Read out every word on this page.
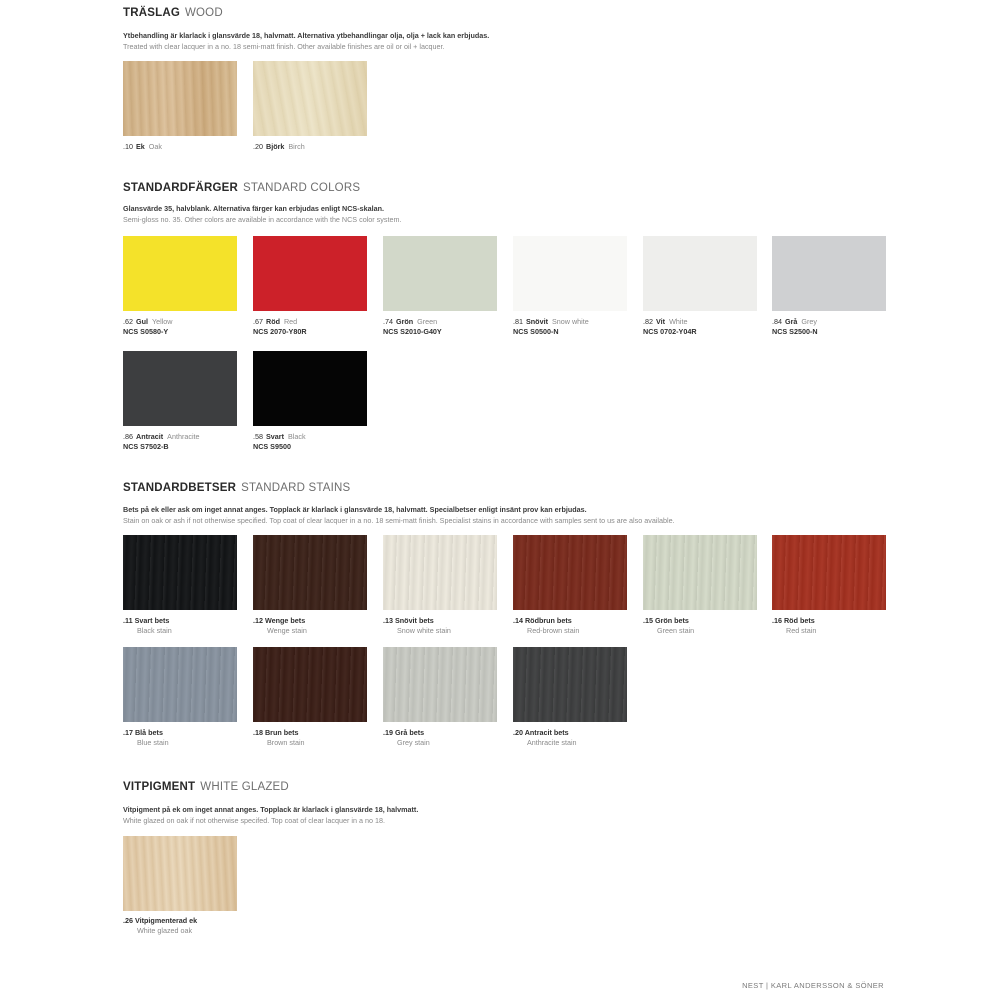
TRÄSLAG WOOD
Ytbehandling är klarlack i glansvärde 18, halvmatt. Alternativa ytbehandlingar olja, olja + lack kan erbjudas.
Treated with clear lacquer in a no. 18 semi-matt finish. Other available finishes are oil or oil + lacquer.
.10 Ek Oak	.20 Björk Birch
STANDARDFÄRGER STANDARD COLORS
Glansvärde 35, halvblank. Alternativa färger kan erbjudas enligt NCS-skalan.
Semi-gloss no. 35. Other colors are available in accordance with the NCS color system.
.62 Gul Yellow
NCS S0580-Y
.67 Röd Red
NCS 2070-Y80R
.74 Grön Green
NCS S2010-G40Y
.81 Snövit Snow white
NCS S0500-N
.82 Vit White
NCS 0702-Y04R
.84 Grå Grey
NCS S2500-N
.86 Antracit Anthracite
NCS S7502-B
.58 Svart Black
NCS S9500
STANDARDBETSER STANDARD STAINS
Bets på ek eller ask om inget annat anges. Topplack är klarlack i glansvärde 18, halvmatt. Specialbetser enligt insänt prov kan erbjudas.
Stain on oak or ash if not otherwise specified. Top coat of clear lacquer in a no. 18 semi-matt finish. Specialist stains in accordance with samples sent to us are also available.
.11 Svart bets
Black stain
.12 Wenge bets
Wenge stain
.13 Snövit bets
Snow white stain
.14 Rödbrun bets
Red-brown stain
.15 Grön bets
Green stain
.16 Röd bets
Red stain
.17 Blå bets
Blue stain
.18 Brun bets
Brown stain
.19 Grå bets
Grey stain
.20 Antracit bets
Anthracite stain
VITPIGMENT WHITE GLAZED
Vitpigment på ek om inget annat anges. Topplack är klarlack i glansvärde 18, halvmatt.
White glazed on oak if not otherwise specifed. Top coat of clear lacquer in a no 18.
.26 Vitpigmenterad ek
White glazed oak
NEST | KARL ANDERSSON & SÖNER
